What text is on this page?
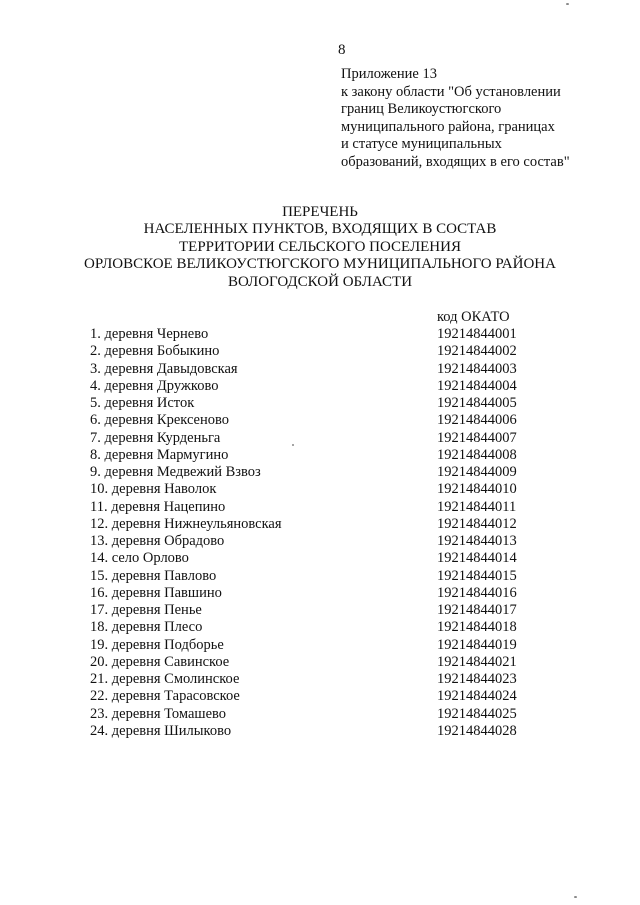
8
Приложение 13
к закону области "Об установлении
границ Великоустюгского
муниципального района, границах
и статусе муниципальных
образований, входящих в его состав"
ПЕРЕЧЕНЬ
НАСЕЛЕННЫХ ПУНКТОВ, ВХОДЯЩИХ В СОСТАВ
ТЕРРИТОРИИ СЕЛЬСКОГО ПОСЕЛЕНИЯ
ОРЛОВСКОЕ ВЕЛИКОУСТЮГСКОГО МУНИЦИПАЛЬНОГО РАЙОНА
ВОЛОГОДСКОЙ ОБЛАСТИ
код ОКАТО
1. деревня Чернево	19214844001
2. деревня Бобыкино	19214844002
3. деревня Давыдовская	19214844003
4. деревня Дружково	19214844004
5. деревня Исток	19214844005
6. деревня Крексеново	19214844006
7. деревня Курденьга	19214844007
8. деревня Мармугино	19214844008
9. деревня Медвежий Взвоз	19214844009
10. деревня Наволок	19214844010
11. деревня Нацепино	19214844011
12. деревня Нижнеульяновская	19214844012
13. деревня Обрадово	19214844013
14. село Орлово	19214844014
15. деревня Павлово	19214844015
16. деревня Павшино	19214844016
17. деревня Пенье	19214844017
18. деревня Плесо	19214844018
19. деревня Подборье	19214844019
20. деревня Савинское	19214844021
21. деревня Смолинское	19214844023
22. деревня Тарасовское	19214844024
23. деревня Томашево	19214844025
24. деревня Шилыково	19214844028
